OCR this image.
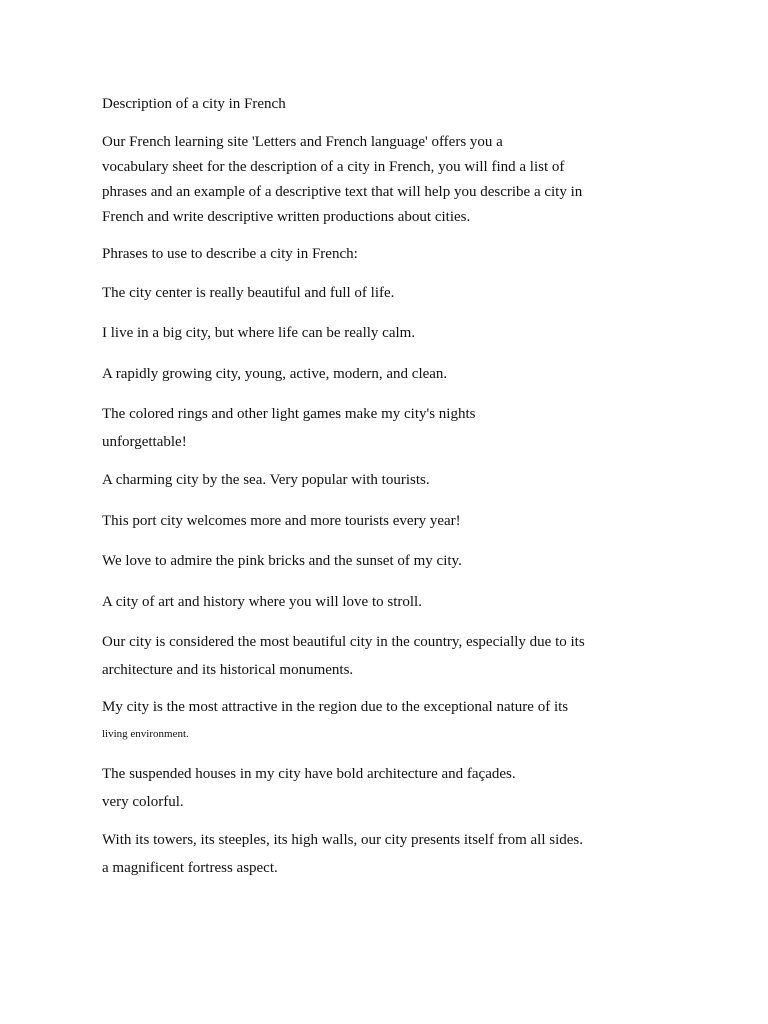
Description of a city in French
Our French learning site 'Letters and French language' offers you a
vocabulary sheet for the description of a city in French, you will find a list of
phrases and an example of a descriptive text that will help you describe a city in
French and write descriptive written productions about cities.
Phrases to use to describe a city in French:
The city center is really beautiful and full of life.
I live in a big city, but where life can be really calm.
A rapidly growing city, young, active, modern, and clean.
The colored rings and other light games make my city's nights
unforgettable!
A charming city by the sea. Very popular with tourists.
This port city welcomes more and more tourists every year!
We love to admire the pink bricks and the sunset of my city.
A city of art and history where you will love to stroll.
Our city is considered the most beautiful city in the country, especially due to its
architecture and its historical monuments.
My city is the most attractive in the region due to the exceptional nature of its
living environment.
The suspended houses in my city have bold architecture and façades.
very colorful.
With its towers, its steeples, its high walls, our city presents itself from all sides.
a magnificent fortress aspect.
